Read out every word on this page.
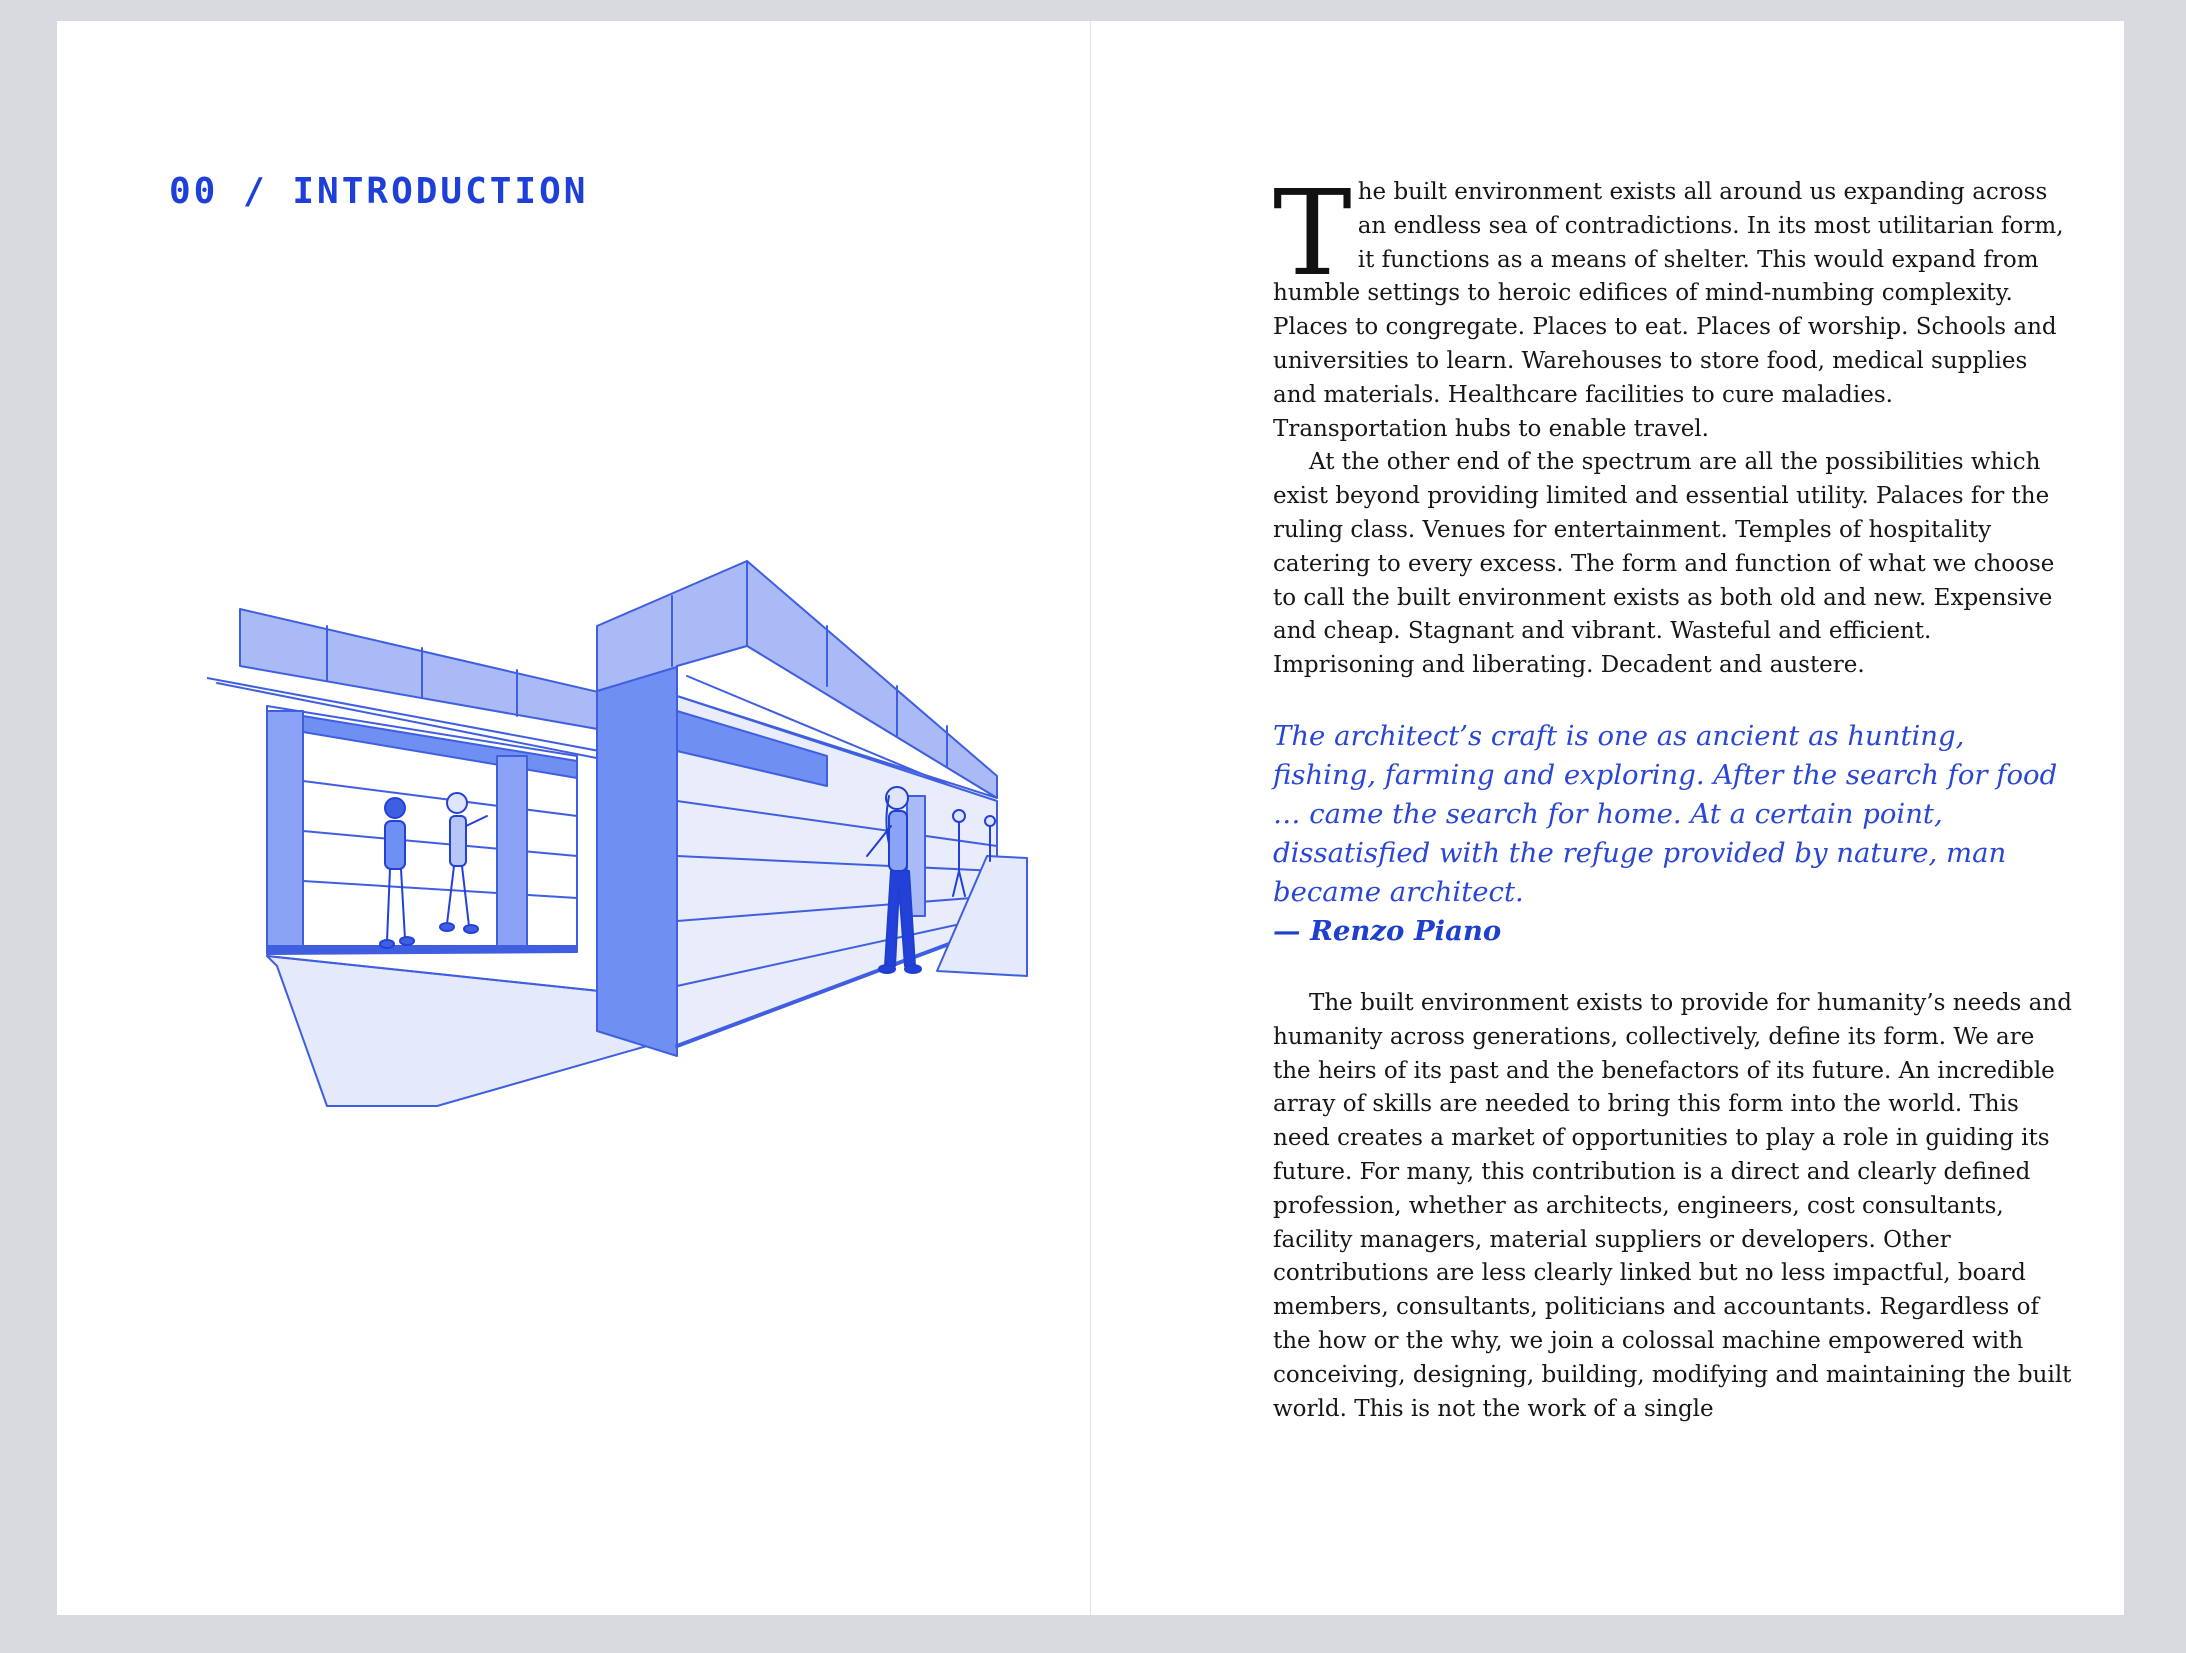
00 / INTRODUCTION	The built environment exists all around us expanding across an endless sea of contradictions. In its most utilitarian form, it functions as a means of shelter. This would expand from humble settings to heroic edifices of mind-numbing complexity. Places to congregate. Places to eat. Places of worship. Schools and universities to learn. Warehouses to store food, medical supplies and materials. Healthcare facilities to cure maladies. Transportation hubs to enable travel.

At the other end of the spectrum are all the possibilities which exist beyond providing limited and essential utility. Palaces for the ruling class. Venues for entertainment. Temples of hospitality catering to every excess. The form and function of what we choose to call the built environment exists as both old and new. Expensive and cheap. Stagnant and vibrant. Wasteful and efficient. Imprisoning and liberating. Decadent and austere.

The architect’s craft is one as ancient as hunting, fishing, farming and exploring. After the search for food … came the search for home. At a certain point, dissatisfied with the refuge provided by nature, man became architect.

— Renzo Piano

The built environment exists to provide for humanity’s needs and humanity across generations, collectively, define its form. We are the heirs of its past and the benefactors of its future. An incredible array of skills are needed to bring this form into the world. This need creates a market of opportunities to play a role in guiding its future. For many, this contribution is a direct and clearly defined profession, whether as architects, engineers, cost consultants, facility managers, material suppliers or developers. Other contributions are less clearly linked but no less impactful, board members, consultants, politicians and accountants. Regardless of the how or the why, we join a colossal machine empowered with conceiving, designing, building, modifying and maintaining the built world. This is not the work of a single
